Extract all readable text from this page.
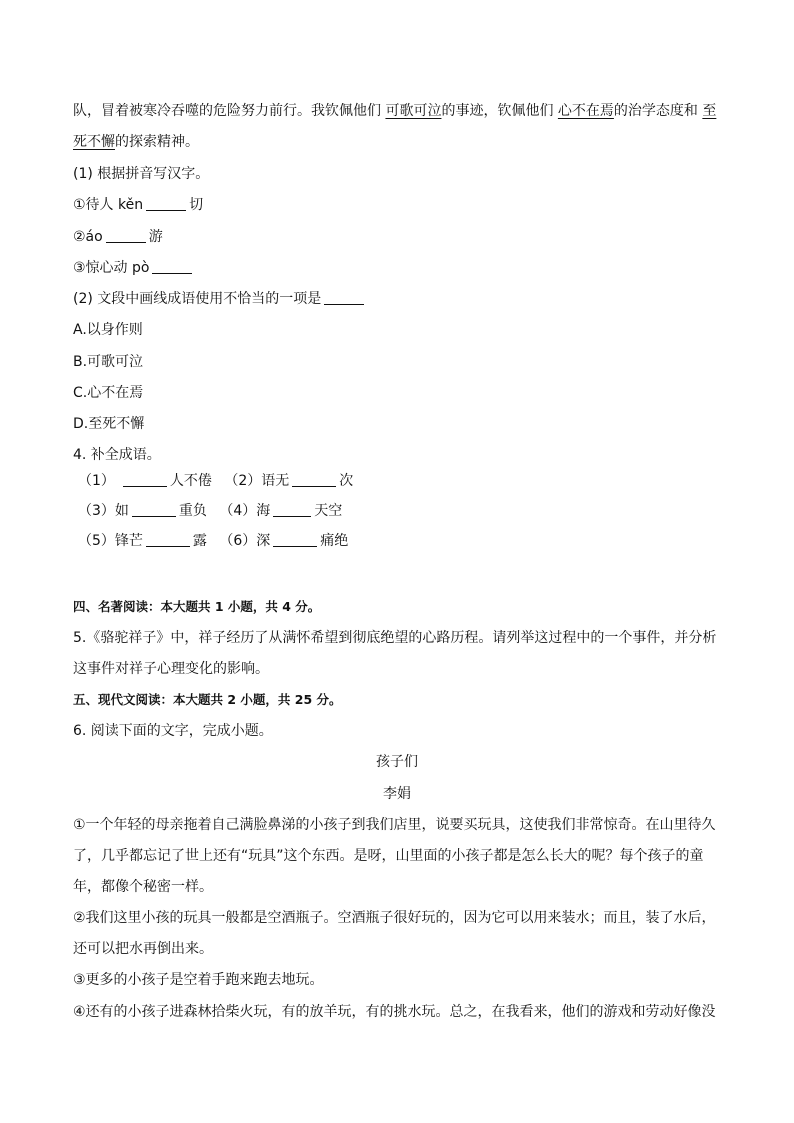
队，冒着被寒冷吞噬的危险努力前行。我钦佩他们 可歌可泣的事迹，钦佩他们 心不在焉的治学态度和 至
死不懈的探索精神。
(1) 根据拼音写汉字。
①待人 kěn	切
②áo	游
③惊心动 pò
(2) 文段中画线成语使用不恰当的一项是
A.以身作则
B.可歌可泣
C.心不在焉
D.至死不懈
4. 补全成语。
（1）	人不倦 （2）语无	次
（3）如	重负 （4）海	天空
（5）锋芒	露 （6）深	痛绝
四、名著阅读：本大题共 1 小题，共 4 分。
5.《骆驼祥子》中，祥子经历了从满怀希望到彻底绝望的心路历程。请列举这过程中的一个事件，并分析
这事件对祥子心理变化的影响。
五、现代文阅读：本大题共 2 小题，共 25 分。
6. 阅读下面的文字，完成小题。
孩子们
李娟
①一个年轻的母亲拖着自己满脸鼻涕的小孩子到我们店里，说要买玩具，这使我们非常惊奇。在山里待久
了，几乎都忘记了世上还有“玩具”这个东西。是呀，山里面的小孩子都是怎么长大的呢？每个孩子的童
年，都像个秘密一样。
②我们这里小孩的玩具一般都是空酒瓶子。空酒瓶子很好玩的，因为它可以用来装水；而且，装了水后，
还可以把水再倒出来。
③更多的小孩子是空着手跑来跑去地玩。
④还有的小孩子进森林拾柴火玩，有的放羊玩，有的挑水玩。总之，在我看来，他们的游戏和劳动好像没
